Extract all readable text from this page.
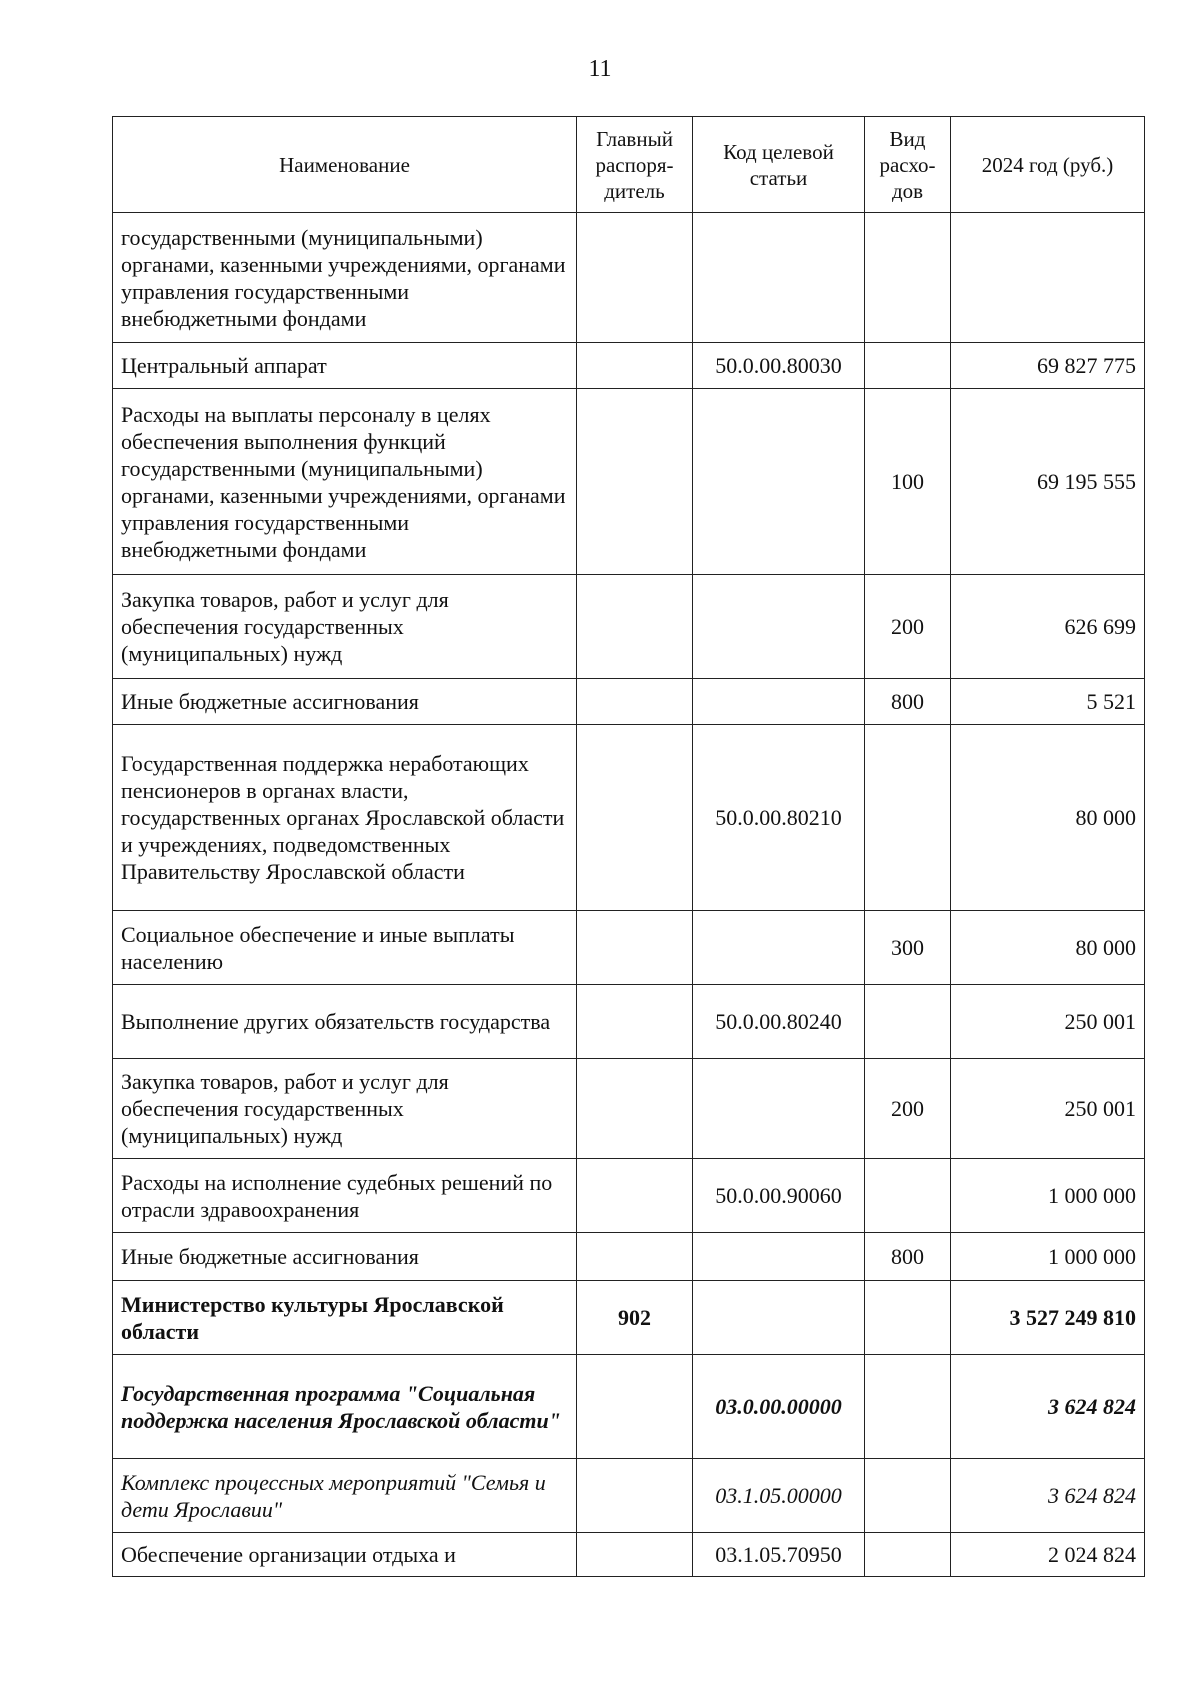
11
Наименование	Главный распоря-дитель	Код целевой статьи	Вид расхо-дов	2024 год (руб.)
государственными (муниципальными) органами, казенными учреждениями, органами управления государственными внебюджетными фондами				
Центральный аппарат		50.0.00.80030		69 827 775
Расходы на выплаты персоналу в целях обеспечения выполнения функций государственными (муниципальными) органами, казенными учреждениями, органами управления государственными внебюджетными фондами			100	69 195 555
Закупка товаров, работ и услуг для обеспечения государственных (муниципальных) нужд			200	626 699
Иные бюджетные ассигнования			800	5 521
Государственная поддержка неработающих пенсионеров в органах власти, государственных органах Ярославской области и учреждениях, подведомственных Правительству Ярославской области		50.0.00.80210		80 000
Социальное обеспечение и иные выплаты населению			300	80 000
Выполнение других обязательств государства		50.0.00.80240		250 001
Закупка товаров, работ и услуг для обеспечения государственных (муниципальных) нужд			200	250 001
Расходы на исполнение судебных решений по отрасли здравоохранения		50.0.00.90060		1 000 000
Иные бюджетные ассигнования			800	1 000 000
Министерство культуры Ярославской области	902			3 527 249 810
Государственная программа "Социальная поддержка населения Ярославской области"		03.0.00.00000		3 624 824
Комплекс процессных мероприятий "Семья и дети Ярославии"		03.1.05.00000		3 624 824
Обеспечение организации отдыха и		03.1.05.70950		2 024 824
